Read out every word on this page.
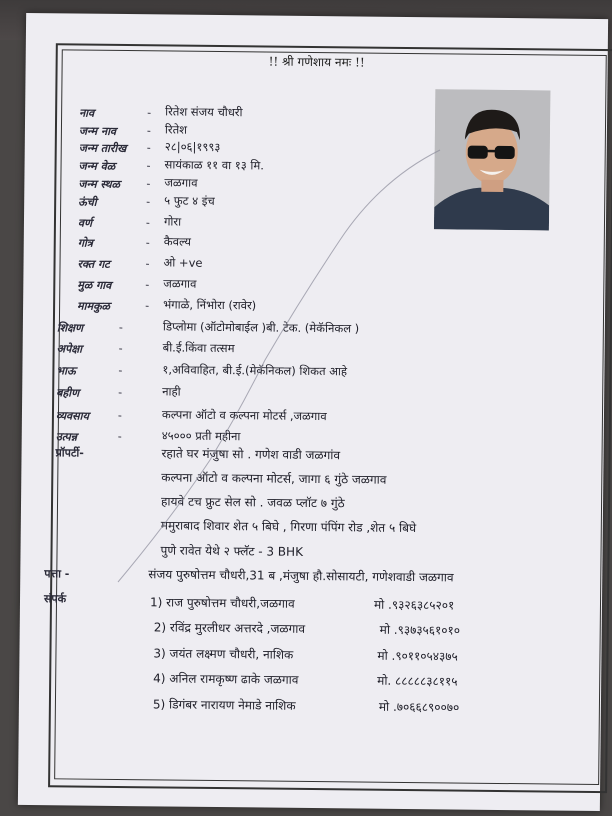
!! श्री गणेशाय नमः !!
नाव	- रितेश संजय चौधरी
जन्म नाव	- रितेश
जन्म तारीख - २८|०६|१९९३
जन्म वेळ	- सायंकाळ ११ वा १३ मि.
जन्म स्थळ - जळगाव
ऊंची	- ५ फुट ४ इंच
वर्ण	- गोरा
गोत्र	- कैवल्य
रक्त गट	- ओ +ve
मुळ गाव	- जळगाव
मामकुळ	- भंगाळे, निंभोरा (रावेर)
शिक्षण	-	डिप्लोमा (ऑटोमोबाईल )बी. टेक. (मेकॅनिकल )
अपेक्षा	-	बी.ई.किंवा तत्सम
भाऊ	-	१,अविवाहित, बी.ई.(मेकॅनिकल) शिकत आहे
बहीण	-	नाही
व्यवसाय	-	कल्पना ऑटो व कल्पना मोटर्स ,जळगाव
उत्पन्न	-	४५००० प्रती महीना
प्रॉपर्टी-	रहाते घर मंजुषा सो . गणेश वाडी जळगांव
कल्पना ऑटो व कल्पना मोटर्स, जागा ६ गुंठे जळगाव
हायवे टच फ्रुट सेल सो . जवळ प्लॉट ७ गुंठे
ममुराबाद शिवार शेत ५ बिघे , गिरणा पंपिंग रोड ,शेत ५ बिघे
पुणे रावेत येथे २ फ्लॅट - 3 BHK
पत्ता -	संजय पुरुषोत्तम चौधरी,31 ब ,मंजुषा हौ.सोसायटी, गणेशवाडी जळगाव
संपर्क	1) राज पुरुषोत्तम चौधरी,जळगाव	मो .९३२६३८५२०१
2) रविंद्र मुरलीधर अत्तरदे ,जळगाव	मो .९३७३५६१०१०
3) जयंत लक्ष्मण चौधरी, नाशिक	मो .९०११०५४३७५
4) अनिल रामकृष्ण ढाके जळगाव	मो. ८८८८८३८११५
5) डिगंबर नारायण नेमाडे नाशिक	मो .७०६६८९००७०
